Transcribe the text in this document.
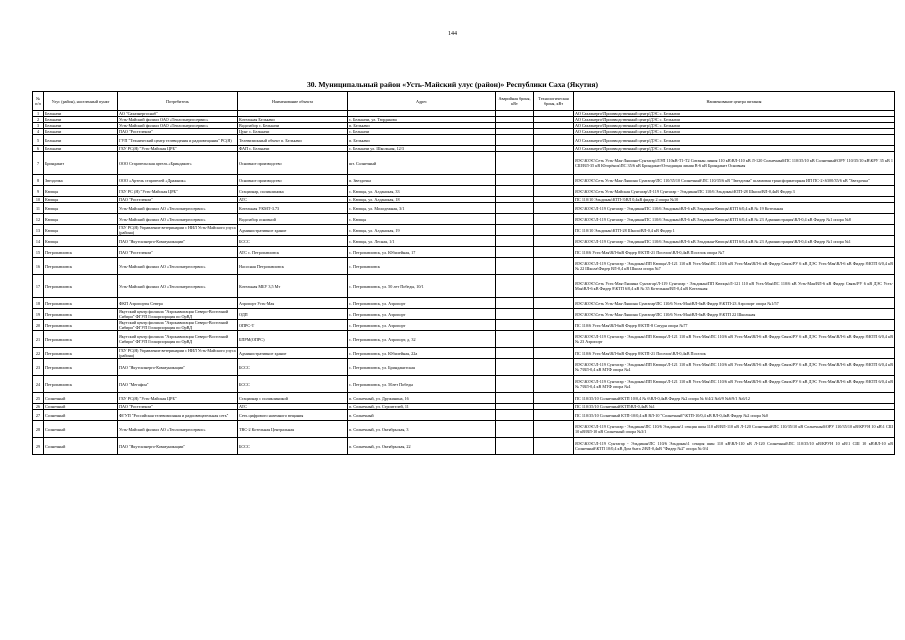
144
30. Муниципальный район «Усть-Майский улус (район)» Республики Саха (Якутия)
№ п/п	Улус (район), населенный пункт	Потребитель	Наименование объекта	Адрес	Аварийная броня, кВт	Технологическая броня, кВт	Наименование центра питания
1	Белькачи	АО "Сахаэнергоснаб"					АО Сахаэнерго\Производственный центр\ДЭС с. Белькачи
2	Белькачи	Усть-Майский филиал ОАО «Теплоэнергосервис»	Котельная Белькачи	с. Белькачи, ул. Тюрдякова			АО Сахаэнерго\Производственный центр\ДЭС с. Белькачи
3	Белькачи	Усть-Майский филиал ОАО «Теплоэнергосервис»	Водозабор с. Белькачи	п. Белькачи			АО Сахаэнерго\Производственный центр\ДЭС с. Белькачи
4	Белькачи	ПАО "Ростелеком"	Цунг с. Белькачи	с. Белькачи			АО Сахаэнерго\Производственный центр\ДЭС с. Белькачи
5	Белькачи	ГУП "Технический центр телевидения и радиовещания" РС(Я)	Телевизионный объект п. Белькачи	п. Белькачи			АО Сахаэнерго\Производственный центр\ДЭС с. Белькачи
6	Белькачи	ГБУ РС(Я) "Усть-Майская ЦРБ"	ФАП с. Белькачи	с. Белькачи ул. Школьная, 12/3			АО Сахаэнерго\Производственный центр\ДЭС с. Белькачи
7	Бриндакит	ООО Старательская артель «Бриндакит»	Основное производство	шт. Солнечный			ЯЭС\ЮЭС\Сеть Усть-Мая-Ляшина-Сунтагар\ЛЭП 110кВ-Т1-Т2 Ситакан линия 110 кВ\ВЛ-110 кВ Л-120 Солнечный\ПС 110/35/10 кВ Солнечный\ОРУ 110/35/10 кВ\КРУ 35 кВ 1 СШ\ВЛ-35 кВ Югорёнок\ПС 35/6 кВ Бриндакит\Отходящая линия В-6 кВ Бриндакит Основная
8	Звездочка	ООО «Артель старателей «Дражник»	Основное производство	п. Звездочка			ЯЭС\ЮЭС\Сеть Усть-Мая-Ляшина Сунтагар\ПС 110/35/10 Солнечный\ПС 110/35/6 кВ "Звездочка" шламовая трансформаторная ИП ПС-2×6300/35/6 кВ "Звездочка"
9	Кюпцы	ГБУ РС (Я) "Усть-Майская ЦРБ"	Стационар, поликлиника	с. Кюпцы, ул. Алданская, 33			ЯЭС\ЮЭС\Сеть Усть-Майская Сунтагар\Л-119 Сунтагар - Эльдикан\ПС 110/6 Эльдикан\КТП-28 Школа\ВЛ-0,4кВ Фидер 3
10	Кюпцы	ПАО "Ростелеком"	АТС	с. Кюпцы, ул. Алданская, 18			ПС 110/10 Эльдикан\КТП-3\ВЛ 0,4кВ фидер 2 опора №10
11	Кюпцы	Усть-Майский филиал АО «Теплоэнергосервис»	Котельная УКМТ-3.73	с. Кюпцы, ул. Молодежная, 3/1			ЯЭС\ЮЭС\Л-119 Сунтагар - Эльдикан\ПС 110/6 Эльдикан\ВЛ-6 кВ Эльдикан-Кюпцы\КТП 6/0,4 кВ № 19 Котельная
12	Кюпцы	Усть-Майский филиал АО «Теплоэнергосервис»	Водозабор основной	с. Кюпцы			ЯЭС\ЮЭС\Л-119 Сунтагар - Эльдикан\ПС 110/6 Эльдикан\ВЛ-6 кВ Эльдикан-Кюпцы\КТП 6/0,4 кВ № 23 Администрация\ВЛ-0,4 кВ Фидер №1 опора №8
13	Кюпцы	ГБУ РС(Я) Управление ветеринарии с НИЛ Усть-Майского улуса (района)	Административное здание	с. Кюпцы, ул. Алданская, 19			ПС 110/10 Эльдикан\КТП-28 Школа\ВЛ-0,4 кВ Фидер 1
14	Кюпцы	ПАО "Якутскэнерго-Коммуникации"	БССС	с. Кюпцы, ул. Лесная, 1/1			ЯЭС\ЮЭС\Л-119 Сунтагар - Эльдикан\ПС 110/6 Эльдикан\ВЛ-6 кВ Эльдикан-Кюпцы\КТП 6/0,4 кВ № 23 Администрация\ВЛ-0,4 кВ Фидер №1 опора №1
15	Петропавловск	ПАО "Ростелеком"	АТС с. Петропавловск	с. Петропавловск, ул. Юбилейная, 17			ПС 110/6 Усть-Мая\ВЛ-6кВ Фидер 8\КТП-21 Поселок\ВЛ-0,4кВ Поселок опора №7
16	Петропавловск	Усть-Майский филиал АО «Теплоэнергосервис»	Насосная Петропавловск	с. Петропавловск			ЯЭС\ЮЭС\Л-119 Сунтагар - Эльдикан\ПП Кюпцы\Л-121 110 кВ Усть-Мая\ПС 110/6 кВ Усть-Мая\ВЛ-6 кВ Фидер Связь\РУ 6 кВ ДЭС Усть-Мая\ВЛ-6 кВ Фидер 8\КТП 6/0,4 кВ № 22 Школа\Фидер ВЛ-0,4 кВ Школа опора №7
17	Петропавловск	Усть-Майский филиал АО «Теплоэнергосервис»	Котельная МБУ 3,5 Мт	с. Петропавловск, ул. 50 лет Победы, 10/1			ЯЭС\ЮЭС\Сеть Усть-Мая-Ляшина Сунтагар\Л-119 Сунтагар - Эльдикан\ПП Кюпцы\Л-121 110 кВ Усть-Мая\ПС 110/6 кВ Усть-Мая\ВЛ-6 кВ Фидер Связь\РУ 6 кВ ДЭС Усть-Мая\ВЛ-6 кВ Фидер 8\КТП 6/0,4 кВ № 35 Котельная\ВЛ-0,4 кВ Котельная
18	Петропавловск	ФКП Аэропорты Севера	Аэропорт Усть-Мая	с. Петропавловск, ул. Аэропорт			ЯЭС\ЮЭС\Сеть Усть-Мая-Ляшина Сунтагар\ПС 110/6 Усть-Мая\ВЛ-6кВ Фидер 8\КТП-23 Аэропорт опора №1/57
19	Петропавловск	Якутский центр филиала "Аэронавигация Северо-Восточной Сибири" ФГУП Госкорпорация по ОрВД	ОДП	с. Петропавловск, ул. Аэропорт			ЯЭС\ЮЭС\Сеть Усть-Мая-Ляшина Сунтагар\ПС 110/6 Усть-Мая\ВЛ-6кВ Фидер 8\КТП 22 Школьная
20	Петропавловск	Якутский центр филиала "Аэронавигация Северо-Восточной Сибири" ФГУП Госкорпорация по ОрВД	ОПРС-Т	с. Петропавловск, ул. Аэропорт			ПС 110/6 Усть-Мая\ВЛ-6кВ Фидер 8\КТП-8 Сатурн опора №77
21	Петропавловск	Якутский центр филиала "Аэронавигация Северо-Восточной Сибири" ФГУП Госкорпорация по ОрВД	БПРМ(ОПРС)	с. Петропавловск, ул. Аэропорт, д. 32			ЯЭС\ЮЭС\Л-119 Сунтагар - Эльдикан\ПП Кюпцы\Л-121 110 кВ Усть-Мая\ПС 110/6 кВ Усть-Мая\ВЛ-6 кВ Фидер Связь\РУ 6 кВ ДЭС Усть-Мая\ВЛ-6 кВ Фидер 8\КТП 6/0,4 кВ № 23 Аэропорт
22	Петропавловск	ГБУ РС(Я) Управление ветеринарии с НИЛ Усть-Майского улуса (района)	Административное здание	с. Петропавловск, ул. Юбилейная, 22а			ПС 110/6 Усть-Мая\ВЛ-6кВ Фидер 8\КТП-21 Поселок\ВЛ-0,4кВ Поселок
23	Петропавловск	ПАО "Якутскэнерго-Коммуникации"	БССС	с. Петропавловск, ул. Бриндакитская			ЯЭС\ЮЭС\Л-119 Сунтагар - Эльдикан\ПП Кюпцы\Л-121 110 кВ Усть-Мая\ПС 110/6 кВ Усть-Мая\ВЛ-6 кВ Фидер Связь\РУ 6 кВ ДЭС Усть-Мая\ВЛ-6 кВ Фидер 8\КТП 6/0,4 кВ № 7\ВЛ-0,4 кВ МТФ опора №4
24	Петропавловск	ПАО "Мегафон"	БССС	с. Петропавловск, ул. 50лет Победы			ЯЭС\ЮЭС\Л-119 Сунтагар - Эльдикан\ПП Кюпцы\Л-121 110 кВ Усть-Мая\ПС 110/6 кВ Усть-Мая\ВЛ-6 кВ Фидер Связь\РУ 6 кВ ДЭС Усть-Мая\ВЛ-6 кВ Фидер 8\КТП 6/0,4 кВ № 7\ВЛ-0,4 кВ МТФ опора №4
25	Солнечный	ГБУ РС(Я) "Усть-Майская ЦРБ"	Стационар с поликлиникой	п. Солнечный, ул. Дружинина, 16			ПС 110/35/10 Солнечный\КТП 10/0,4 № 6\ВЛ-0,4кВ Фидер №2 опора № 6/4/2 №6/9 №6/9/1 №6/12
26	Солнечный	ПАО "Ростелеком"	АТС	п. Солнечный, ул. Строителей, 11			ПС 110/35/10 Солнечный\КТП\ВЛ-0,4кВ №1
27	Солнечный	ФГУП "Российская телевизионная и радиовещательная сеть"	Сеть цифрового наземного вещания	п. Солнечный			ПС 110/35/10 Солнечный КТП-10/0,4 кВ ВЛ-10 "Солнечный"\КТП-10/0,4 кВ ВЛ-0,4кВ Фидер №2 опора №0
28	Солнечный	Усть-Майский филиал АО «Теплоэнергосервис»	ТВС-2 Котельная Центральная	п. Солнечный, ул. Октябрьская, 3			ЯЭС\ЮЭС\Л-119 Сунтагар - Эльдикан\ПС 110/6 Эльдикан\1 секция шин 110 кВ\ВЛ-110 кВ Л-120 Солнечный\ПС 110/35/10 кВ Солнечный\ОРУ 110/35/10 кВ\КРУН 10 кВ\1 СШ 10 кВ\ВЛ-10 кВ Солнечный опора №3/1
29	Солнечный	ПАО "Якутскэнерго-Коммуникации"	БССС	п. Солнечный, ул. Октябрьская, 22			ЯЭС\ЮЭС\Л-119 Сунтагар - Эльдикан\ПС 110/6 Эльдикан\1 секция шин 110 кВ\ВЛ-110 кВ Л-120 Солнечный\ПС 110/35/10 кВ\КРУН 10 кВ\1 СШ 10 кВ\ВЛ-10 кВ Солнечный\КТП 10/0,4 кВ Дом быта 2\ВЛ-0,4кВ "Фидер №2" опора № 0/4
